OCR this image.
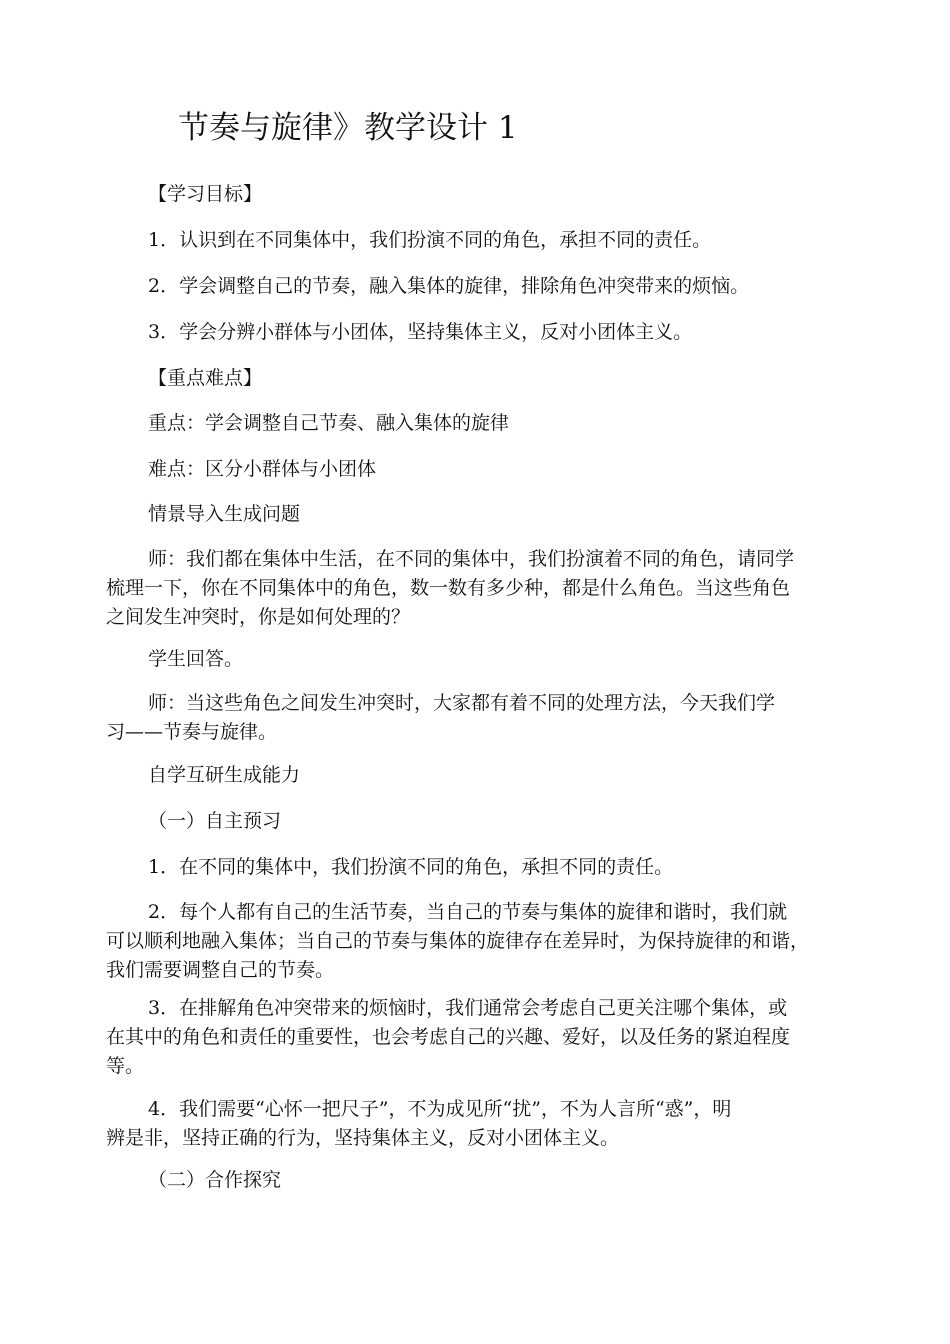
节奏与旋律》教学设计 1
【学习目标】
1．认识到在不同集体中，我们扮演不同的角色，承担不同的责任。
2．学会调整自己的节奏，融入集体的旋律，排除角色冲突带来的烦恼。
3．学会分辨小群体与小团体，坚持集体主义，反对小团体主义。
【重点难点】
重点：学会调整自己节奏、融入集体的旋律
难点：区分小群体与小团体
情景导入生成问题
师：我们都在集体中生活，在不同的集体中，我们扮演着不同的角色，请同学
梳理一下，你在不同集体中的角色，数一数有多少种，都是什么角色。当这些角色
之间发生冲突时，你是如何处理的？
学生回答。
师：当这些角色之间发生冲突时，大家都有着不同的处理方法，今天我们学
习——节奏与旋律。
自学互研生成能力
（一）自主预习
1．在不同的集体中，我们扮演不同的角色，承担不同的责任。
2．每个人都有自己的生活节奏，当自己的节奏与集体的旋律和谐时，我们就
可以顺利地融入集体；当自己的节奏与集体的旋律存在差异时，为保持旋律的和谐，
我们需要调整自己的节奏。
3．在排解角色冲突带来的烦恼时，我们通常会考虑自己更关注哪个集体，或
在其中的角色和责任的重要性，也会考虑自己的兴趣、爱好，以及任务的紧迫程度
等。
4．我们需要“心怀一把尺子”，不为成见所“扰”，不为人言所“惑”，明
辨是非，坚持正确的行为，坚持集体主义，反对小团体主义。
（二）合作探究
